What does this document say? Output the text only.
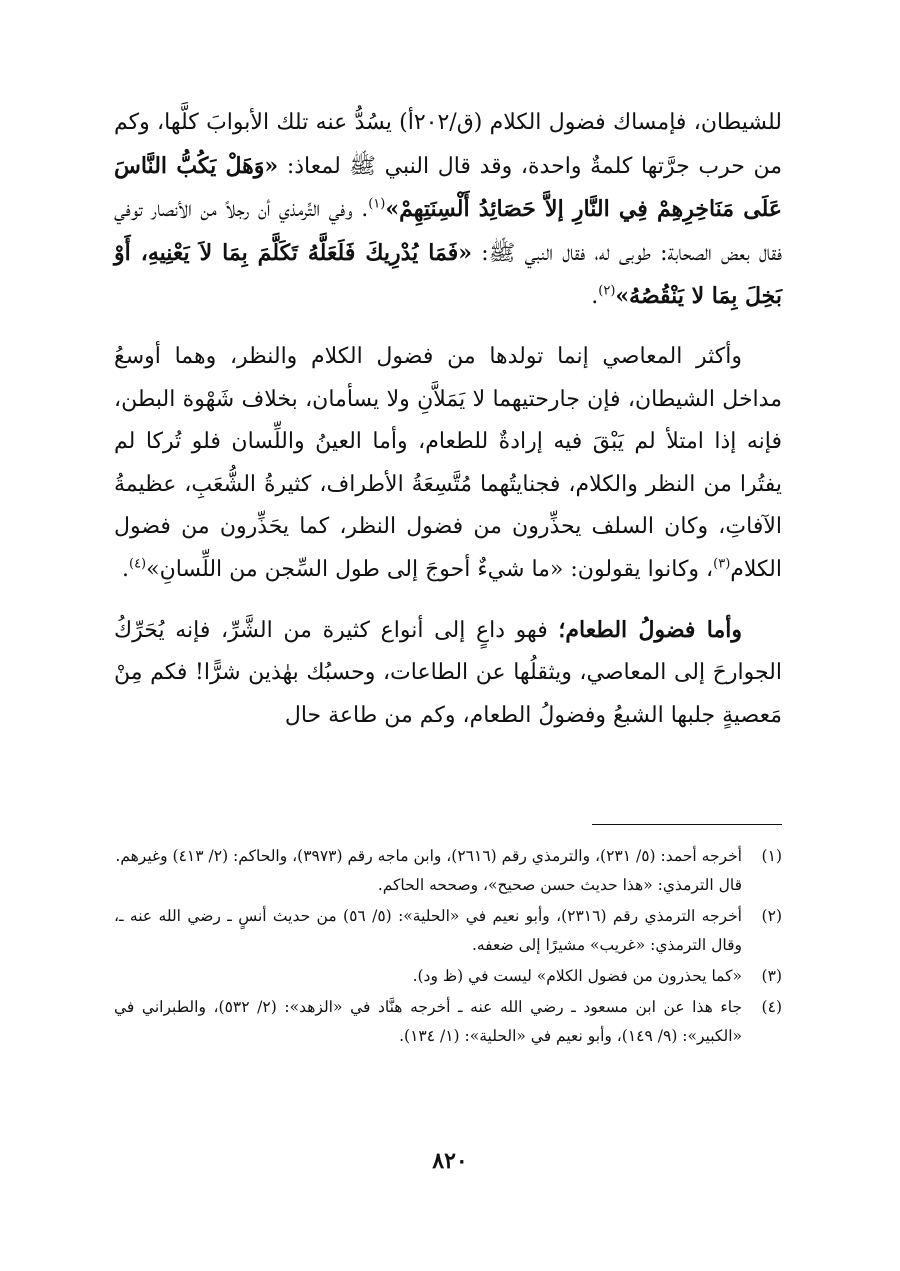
للشيطان، فإمساك فضول الكلام (ق/٢٠٢أ) يسُدُّ عنه تلك الأبوابَ كلَّها، وكم من حرب جرَّتها كلمةٌ واحدة، وقد قال النبي ﷺ لمعاذ: «وَهَلْ يَكُبُّ النَّاسَ عَلَى مَنَاخِرِهِمْ فِي النَّارِ إلاَّ حَصَائِدُ أَلْسِنَتِهِمْ»$^{(١)}$. وفي التِّرمذي أن رجلاً من الأنصار توفي فقال بعض الصحابة: طوبى له، فقال النبي ﷺ: «فَمَا يُدْرِيكَ فَلَعَلَّهُ تَكَلَّمَ بِمَا لاَ يَعْنِيهِ، أَوْ بَخِلَ بِمَا لا يَنْقُصُهُ»$^{(٢)}$.

وأكثر المعاصي إنما تولدها من فضول الكلام والنظر، وهما أوسعُ مداخل الشيطان، فإن جارحتيهما لا يَمَلاَّنِ ولا يسأمان، بخلاف شَهْوة البطن، فإنه إذا امتلأ لم يَبْقَ فيه إرادةٌ للطعام، وأما العينُ واللِّسان فلو تُركا لم يفتُرا من النظر والكلام، فجنايتُهما مُتَّسِعَةُ الأطراف، كثيرةُ الشُّعَبِ، عظيمةُ الآفاتِ، وكان السلف يحذِّرون من فضول النظر، كما يحَذِّرون من فضول الكلام$^{(٣)}$، وكانوا يقولون: «ما شيءٌ أحوجَ إلى طول السِّجن من اللِّسانِ»$^{(٤)}$.

وأما فضولُ الطعام؛ فهو داعٍ إلى أنواع كثيرة من الشَّرِّ، فإنه يُحَرِّكُ الجوارحَ إلى المعاصي، ويثقلُها عن الطاعات، وحسبُك بهٰذين شرًّا! فكم مِنْ مَعصيةٍ جلبها الشبعُ وفضولُ الطعام، وكم من طاعة حال

(١)
أخرجه أحمد: (٥/ ٢٣١)، والترمذي رقم (٢٦١٦)، وابن ماجه رقم (٣٩٧٣)، والحاكم: (٢/ ٤١٣) وغيرهم.
قال الترمذي: «هذا حديث حسن صحيح»، وصححه الحاكم.
(٢)
أخرجه الترمذي رقم (٢٣١٦)، وأبو نعيم في «الحلية»: (٥/ ٥٦) من حديث أنسٍ ـ رضي الله عنه ـ، وقال الترمذي: «غريب» مشيرًا إلى ضعفه.
(٣)
«كما يحذرون من فضول الكلام» ليست في (ظ ود).
(٤)
جاء هذا عن ابن مسعود ـ رضي الله عنه ـ أخرجه هنَّاد في «الزهد»: (٢/ ٥٣٢)، والطبراني في «الكبير»: (٩/ ١٤٩)، وأبو نعيم في «الحلية»: (١/ ١٣٤).
٨٢٠
